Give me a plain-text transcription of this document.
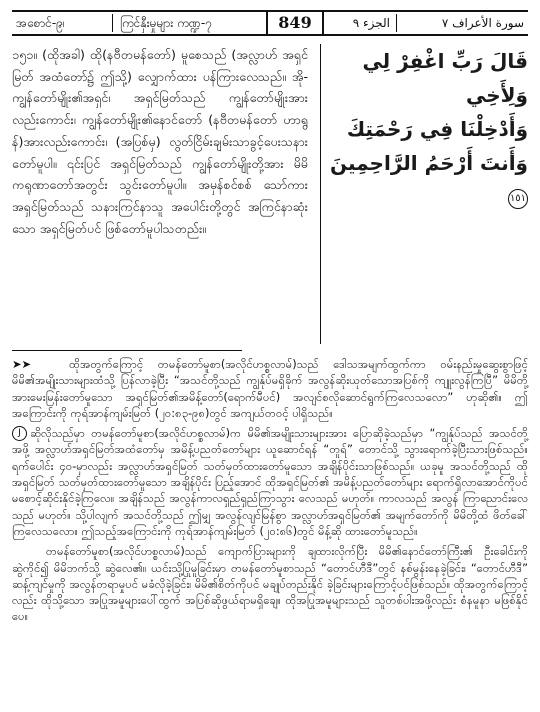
အစောင်-၉၊	ကြင်နှီးမှုများ ကဏ္ဍ-၇	849	الجزء ٩	سورة الأعراف ٧

၁၅၁။ (ထိုအခါ) ထို(နဗီတမန်တော်) မူစေသည် (အလ္လာဟ် အရှင်မြတ် အထံတော်၌ ဤသို့) လျှောက်ထား ပန်ကြားလေသည်။ အို-ကျွန်တော်မျိုး၏အရှင်၊ အရှင်မြတ်သည် ကျွန်တော်မျိုးအား လည်းကောင်း၊ ကျွန်တော်မျိုး၏နောင်တော် (နဗီတမန်တော် ဟာရွန်)အားလည်းကောင်း၊ (အပြစ်မှ) လွတ်ငြိမ်းချမ်းသာခွင့်ပေးသနားတော်မူပါ။ ၎င်းပြင် အရှင်မြတ်သည် ကျွန်တော်မျိုးတို့အား မိမိ ကရုဏာတော်အတွင်း သွင်းတော်မူပါ။ အမှန်စင်စစ် သော်ကား အရှင်မြတ်သည် သနားကြင်နာသူ အပေါင်းတို့တွင် အကြင်နာဆုံးသော အရှင်မြတ်ပင် ဖြစ်တော်မူပါသတည်း။

قَالَ رَبِّ اغْفِرْ لِي وَلِأَخِي
وَأَدْخِلْنَا فِي رَحْمَتِكَ
وَأَنتَ أَرْحَمُ الرَّاحِمِينَ ١٥١

➤➤	ထိုအတွက်ကြောင့် တမန်တော်မူစာ(အလိုင်ဟစ္စလာမ်)သည် ဒေါသအမျက်ထွက်ကာ ဝမ်းနည်းမှုဆွေးစွာဖြင့် မိမိ၏အမျိုးသားများထံသို့ ပြန်လာခဲ့ပြီး “အသင်တို့သည် ကျွန်ုပ်မရှိခိုက် အလွန်ဆိုးယုတ်သောအပြစ်ကို ကျူးလွန်ကြပြီ” မိမိတို့အားမေးမြန်းတော်မူသော အရှင်မြတ်၏အမိန့်တော်(ရောက်မီပင်) အလျင်စလိုဆောင်ရွက်ကြလေသလော” ဟုဆို၏။ ဤအကြောင်းကို ကုရ်အာန်ကျမ်းမြတ် (၂၀:၈၃-၉၈)တွင် အကျယ်တဝင့် ပါရှိသည်။

J ဆိုလိုသည်မှာ တမန်တော်မူစာ(အလိုင်ဟစ္စလာမ်)က မိမိ၏အမျိုးသားများအား ပြောဆိုခဲ့သည်မှာ “ကျွန်ုပ်သည် အသင်တို့အဖို့ အလ္လာဟ်အရှင်မြတ်အထံတော်မှ အမိန့်ပညတ်တော်များ ယူဆောင်ရန် “တူရ်” တောင်သို့ သွားရောက်ခဲ့ပြီးသားဖြစ်သည်။ ရက်ပေါင်း ၄၀-မှာလည်း အလ္လာဟ်အရှင်မြတ် သတ်မှတ်ထားတော်မူသော အချိန်ပိုင်းသာဖြစ်သည်။ ယခုမူ အသင်တို့သည် ထိုအရှင်မြတ် သတ်မှတ်ထားတော်မူသော အချိန်ပိုင်း ပြည့်အောင် ထိုအရှင်မြတ်၏ အမိန့်ပညတ်တော်များ ရောက်ရှိလာအောင်ကိုပင် မစောင့်ဆိုင်းနိုင်ခဲ့ကြလေ။ အချိန်သည် အလွန်ကာလရှည်ရှည်ကြာသွား လေသည် မဟုတ်။ ကာလသည် အလွန် ကြာညောင်းလေသည် မဟုတ်။ သို့ပါလျက် အသင်တို့သည် ဤမျှ အလွန်လျင်မြန်စွာ အလ္လာဟ်အရှင်မြတ်၏ အမျက်တော်ကို မိမိတို့ထံ ဖိတ်ခေါ်ကြလေသလော။ ဤသည့်အကြောင်းကို ကုရ်အာန်ကျမ်းမြတ် (၂၀:၈၆)တွင် မိန့်ဆို ထားတော်မူသည်။

တမန်တော်မူစာ(အလိုင်ဟစ္စလာမ်)သည် ကျောက်ပြားများကို ချထားလိုက်ပြီး မိမိ၏နောင်တော်ကြီး၏ ဦးခေါင်းကို ဆွဲကိုင်၍ မိမိဘက်သို့ ဆွဲလေ၏။ ယင်းသို့ပြုမူခြင်းမှာ တမန်တော်မူစာသည် “တောင်ဟီဒီ”တွင် နစ်မွန်းနေခဲ့ခြင်း၊ “တောင်ဟီဒီ” ဆန့်ကျင်မှုကို အလွန်တရာမှုပင် မခံလိုခဲ့ခြင်း၊ မိမိ၏စိတ်ကိုပင် မချုပ်တည်းနိုင် ခဲ့ခြင်းများကြောင့်ပင်ဖြစ်သည်။ ထိုအတွက်ကြောင့်လည်း ထိုသို့သော အပြုအမူများပေါ်ထွက် အပြစ်ဆိုဖွယ်ရာမရှိချေ။ ထိုအပြုအမူများသည် သူတစ်ပါးအဖို့လည်း စံနမူနာ မဖြစ်နိုင်ပေ။
